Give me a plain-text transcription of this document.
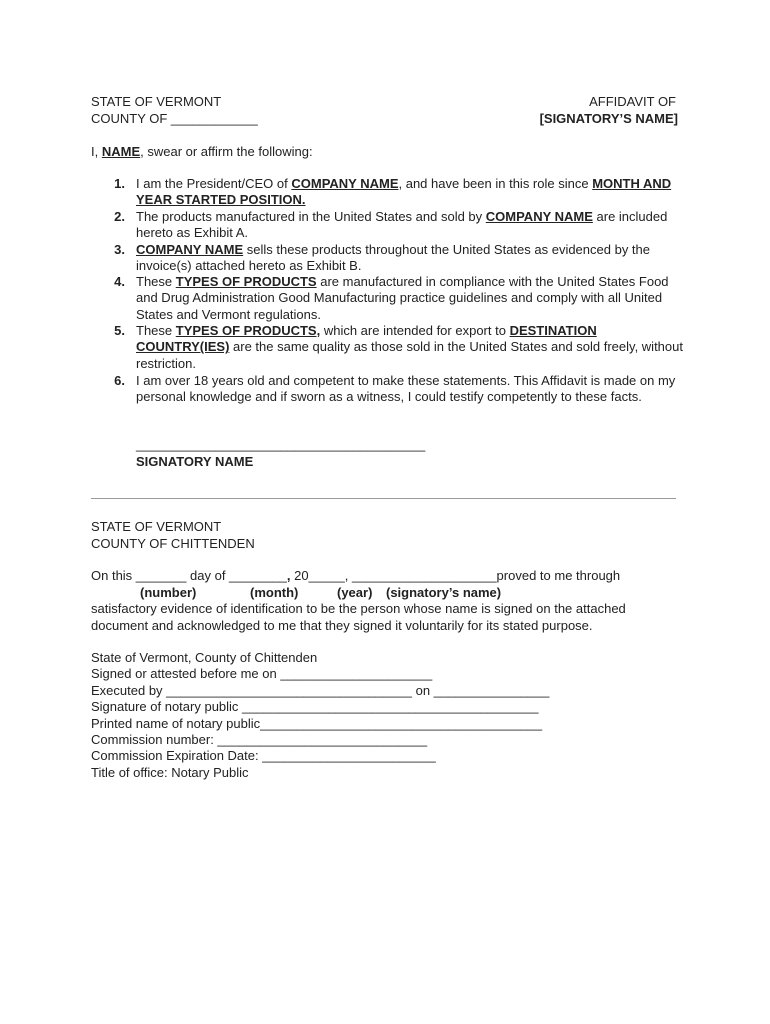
STATE OF VERMONT
COUNTY OF ____________
AFFIDAVIT OF
[SIGNATORY’S NAME]
I, NAME, swear or affirm the following:
1. I am the President/CEO of COMPANY NAME, and have been in this role since MONTH AND YEAR STARTED POSITION.
2. The products manufactured in the United States and sold by COMPANY NAME are included hereto as Exhibit A.
3. COMPANY NAME sells these products throughout the United States as evidenced by the invoice(s) attached hereto as Exhibit B.
4. These TYPES OF PRODUCTS are manufactured in compliance with the United States Food and Drug Administration Good Manufacturing practice guidelines and comply with all United States and Vermont regulations.
5. These TYPES OF PRODUCTS, which are intended for export to DESTINATION COUNTRY(IES) are the same quality as those sold in the United States and sold freely, without restriction.
6. I am over 18 years old and competent to make these statements. This Affidavit is made on my personal knowledge and if sworn as a witness, I could testify competently to these facts.
________________________________________
SIGNATORY NAME
STATE OF VERMONT
COUNTY OF CHITTENDEN
On this _______ day of ________, 20_____, ____________________proved to me through
(number)	(month)	(year) (signatory’s name)
satisfactory evidence of identification to be the person whose name is signed on the attached
document and acknowledged to me that they signed it voluntarily for its stated purpose.
State of Vermont, County of Chittenden
Signed or attested before me on _____________________
Executed by __________________________________ on ________________
Signature of notary public _________________________________________
Printed name of notary public_______________________________________
Commission number: _____________________________
Commission Expiration Date: ________________________
Title of office: Notary Public
